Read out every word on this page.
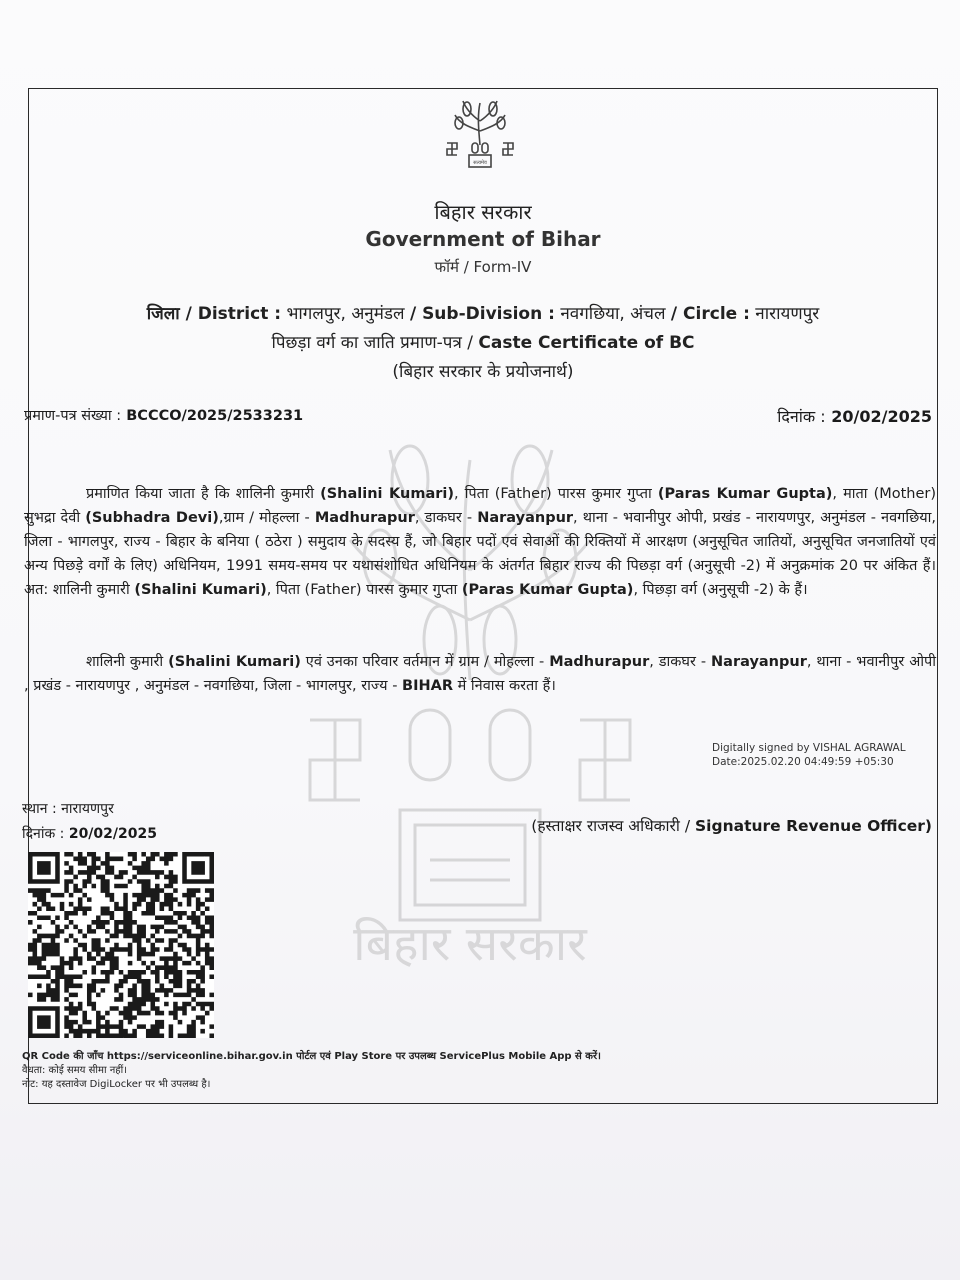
बिहार सरकार
सत्यमेव
बिहार सरकार
Government of Bihar
फॉर्म / Form-IV
जिला / District : भागलपुर, अनुमंडल / Sub-Division : नवगछिया, अंचल / Circle : नारायणपुर
पिछड़ा वर्ग का जाति प्रमाण-पत्र / Caste Certificate of BC
(बिहार सरकार के प्रयोजनार्थ)
प्रमाण-पत्र संख्या : BCCCO/2025/2533231	दिनांक : 20/02/2025
प्रमाणित किया जाता है कि शालिनी कुमारी (Shalini Kumari), पिता (Father) पारस कुमार गुप्ता (Paras Kumar Gupta), माता (Mother) सुभद्रा देवी (Subhadra Devi),ग्राम / मोहल्ला - Madhurapur, डाकघर - Narayanpur, थाना - भवानीपुर ओपी, प्रखंड - नारायणपुर, अनुमंडल - नवगछिया, जिला - भागलपुर, राज्य - बिहार के बनिया ( ठठेरा ) समुदाय के सदस्य हैं, जो बिहार पदों एवं सेवाओं की रिक्तियों में आरक्षण (अनुसूचित जातियों, अनुसूचित जनजातियों एवं अन्य पिछड़े वर्गों के लिए) अधिनियम, 1991 समय-समय पर यथासंशोधित अधिनियम के अंतर्गत बिहार राज्य की पिछड़ा वर्ग (अनुसूची -2) में अनुक्रमांक 20 पर अंकित हैं। अत: शालिनी कुमारी (Shalini Kumari), पिता (Father) पारस कुमार गुप्ता (Paras Kumar Gupta), पिछड़ा वर्ग (अनुसूची -2) के हैं।
शालिनी कुमारी (Shalini Kumari) एवं उनका परिवार वर्तमान में ग्राम / मोहल्ला - Madhurapur, डाकघर - Narayanpur, थाना - भवानीपुर ओपी , प्रखंड - नारायणपुर , अनुमंडल - नवगछिया, जिला - भागलपुर, राज्य - BIHAR में निवास करता हैं।
Digitally signed by VISHAL AGRAWAL
Date:2025.02.20 04:49:59 +05:30
स्थान : नारायणपुर
दिनांक : 20/02/2025	(हस्ताक्षर राजस्व अधिकारी / Signature Revenue Officer)
QR Code की जाँच https://serviceonline.bihar.gov.in पोर्टल एवं Play Store पर उपलब्ध ServicePlus Mobile App से करें।
वैधता: कोई समय सीमा नहीं।
नोट: यह दस्तावेज DigiLocker पर भी उपलब्ध है।
